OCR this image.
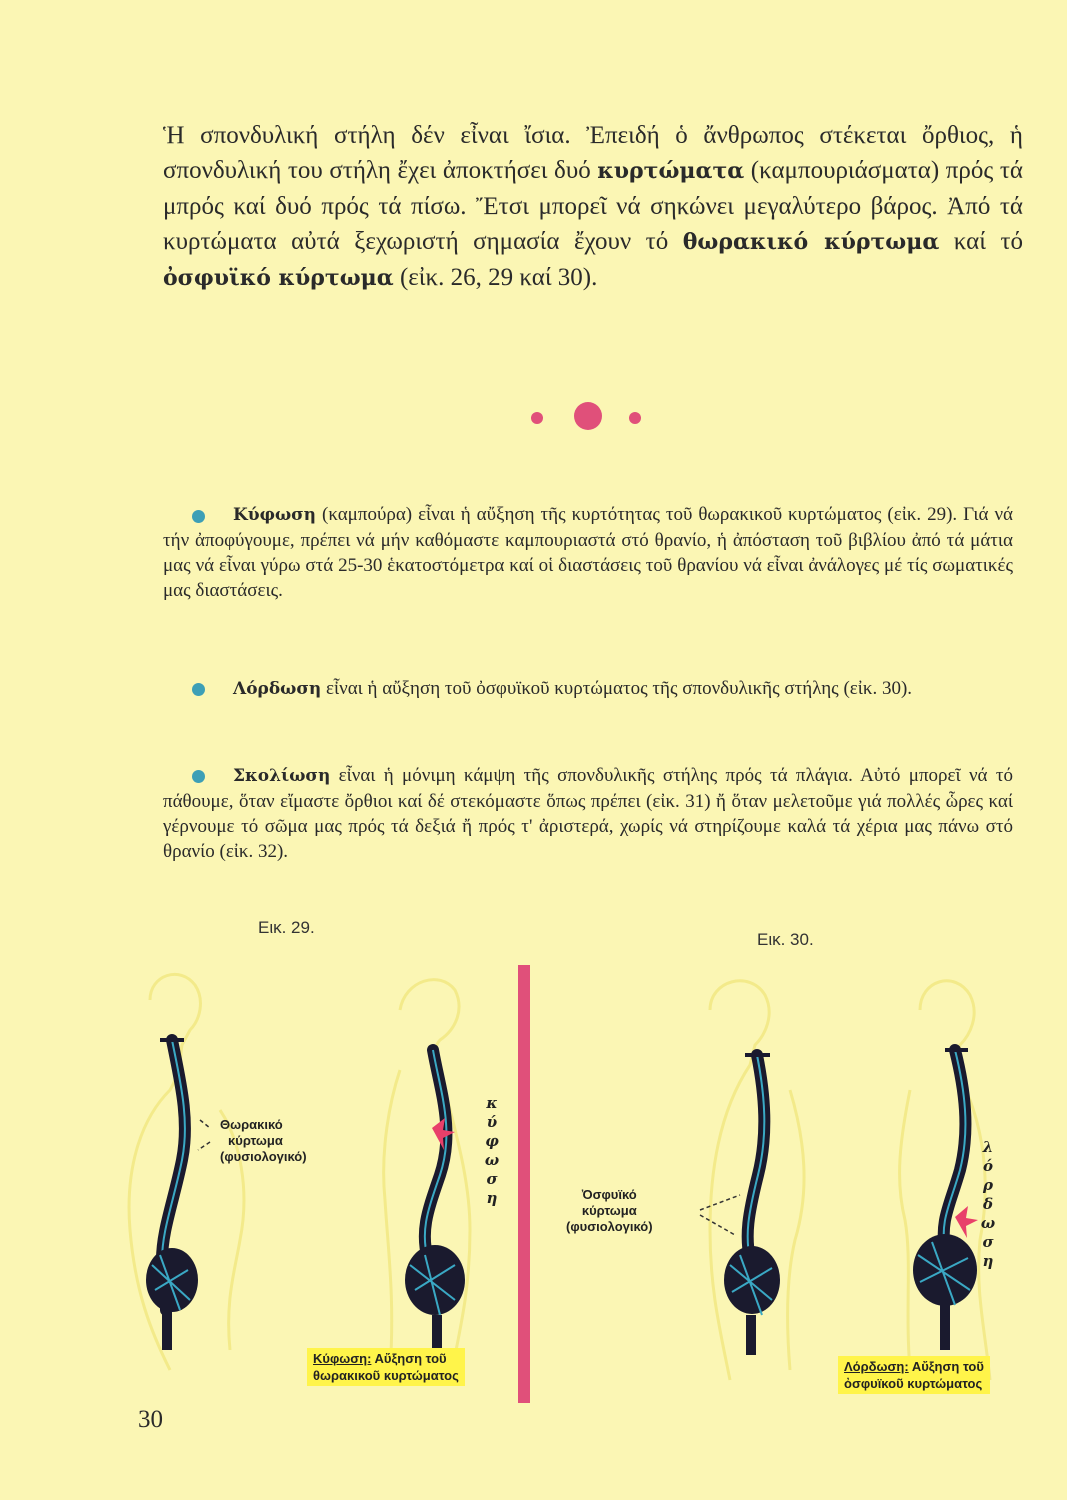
Ἡ σπονδυλική στήλη δέν εἶναι ἴσια. Ἐπειδή ὁ ἄνθρωπος στέκεται ὄρθιος, ἡ σπονδυλική του στήλη ἔχει ἀποκτήσει δυό κυρτώματα (καμπουριάσματα) πρός τά μπρός καί δυό πρός τά πίσω. Ἔτσι μπορεῖ νά σηκώνει μεγαλύτερο βάρος. Ἀπό τά κυρτώματα αὐτά ξεχωριστή σημασία ἔχουν τό θωρακικό κύρτωμα καί τό ὀσφυϊκό κύρτωμα (εἰκ. 26, 29 καί 30).
Κύφωση (καμπούρα) εἶναι ἡ αὔξηση τῆς κυρτότητας τοῦ θωρακικοῦ κυρτώματος (εἰκ. 29). Γιά νά τήν ἀποφύγουμε, πρέπει νά μήν καθόμαστε καμπουριαστά στό θρανίο, ἡ ἀπόσταση τοῦ βιβλίου ἀπό τά μάτια μας νά εἶναι γύρω στά 25-30 ἑκατοστόμετρα καί οἱ διαστάσεις τοῦ θρανίου νά εἶναι ἀνάλογες μέ τίς σωματικές μας διαστάσεις.
Λόρδωση εἶναι ἡ αὔξηση τοῦ ὀσφυϊκοῦ κυρτώματος τῆς σπονδυλικῆς στήλης (εἰκ. 30).
Σκολίωση εἶναι ἡ μόνιμη κάμψη τῆς σπονδυλικῆς στήλης πρός τά πλάγια. Αὐτό μπορεῖ νά τό πάθουμε, ὅταν εἴμαστε ὄρθιοι καί δέ στεκόμαστε ὅπως πρέπει (εἰκ. 31) ἤ ὅταν μελετοῦμε γιά πολλές ὧρες καί γέρνουμε τό σῶμα μας πρός τά δεξιά ἤ πρός τ' ἀριστερά, χωρίς νά στηρίζουμε καλά τά χέρια μας πάνω στό θρανίο (εἰκ. 32).
Εικ. 29.
Εικ. 30.
Θωρακικό
κύρτωμα
(φυσιολογικό)
κ
ύ
φ
ω
σ
η
Κύφωση: Αὔξηση τοῦ
θωρακικοῦ κυρτώματος
Ὀσφυϊκό
κύρτωμα
(φυσιολογικό)
λ
ό
ρ
δ
ω
σ
η
Λόρδωση: Αὔξηση τοῦ
ὀσφυϊκοῦ κυρτώματος
30
